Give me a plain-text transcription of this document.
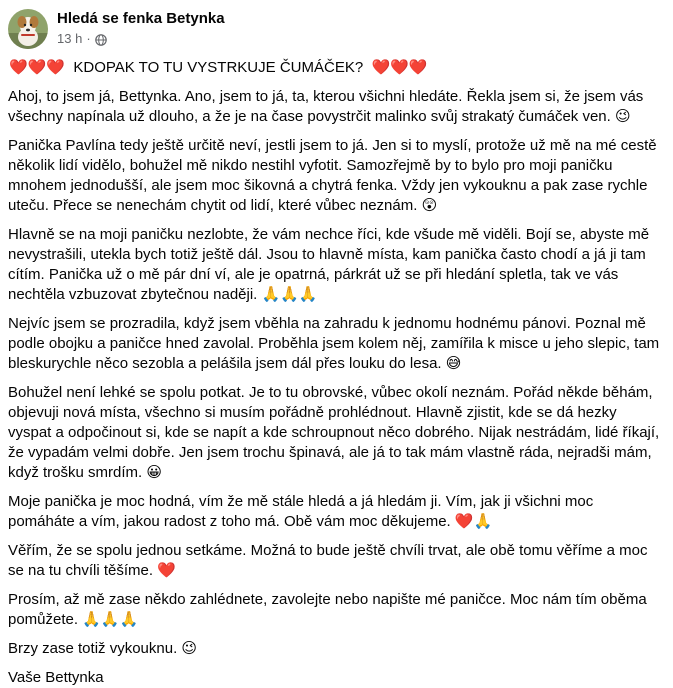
Hledá se fenka Betynka
13 h ·

❤️❤️❤️ KDOPAK TO TU VYSTRKUJE ČUMÁČEK? ❤️❤️❤️

Ahoj, to jsem já, Bettynka. Ano, jsem to já, ta, kterou všichni hledáte. Řekla jsem si, že jsem vás všechny napínala už dlouho, a že je na čase povystrčit malinko svůj strakatý čumáček ven. 😉

Panička Pavlína tedy ještě určitě neví, jestli jsem to já. Jen si to myslí, protože už mě na mé cestě několik lidí vidělo, bohužel mě nikdo nestihl vyfotit. Samozřejmě by to bylo pro moji paničku mnohem jednodušší, ale jsem moc šikovná a chytrá fenka. Vždy jen vykouknu a pak zase rychle uteču. Přece se nenechám chytit od lidí, které vůbec neznám. 😲

Hlavně se na moji paničku nezlobte, že vám nechce říci, kde všude mě viděli. Bojí se, abyste mě nevystrašili, utekla bych totiž ještě dál. Jsou to hlavně místa, kam panička často chodí a já ji tam cítím. Panička už o mě pár dní ví, ale je opatrná, párkrát už se při hledání spletla, tak ve vás nechtěla vzbuzovat zbytečnou naději. 🙏🙏🙏

Nejvíc jsem se prozradila, když jsem vběhla na zahradu k jednomu hodnému pánovi. Poznal mě podle obojku a paničce hned zavolal. Proběhla jsem kolem něj, zamířila k misce u jeho slepic, tam bleskurychle něco sezobla a pelášila jsem dál přes louku do lesa. 😅

Bohužel není lehké se spolu potkat. Je to tu obrovské, vůbec okolí neznám. Pořád někde běhám, objevuji nová místa, všechno si musím pořádně prohlédnout. Hlavně zjistit, kde se dá hezky vyspat a odpočinout si, kde se napít a kde schroupnout něco dobrého. Nijak nestrádám, lidé říkají, že vypadám velmi dobře. Jen jsem trochu špinavá, ale já to tak mám vlastně ráda, nejradši mám, když trošku smrdím. 😀

Moje panička je moc hodná, vím že mě stále hledá a já hledám ji. Vím, jak ji všichni moc pomáháte a vím, jakou radost z toho má. Obě vám moc děkujeme. ❤️🙏

Věřím, že se spolu jednou setkáme. Možná to bude ještě chvíli trvat, ale obě tomu věříme a moc se na tu chvíli těšíme. ❤️

Prosím, až mě zase někdo zahlédnete, zavolejte nebo napište mé paničce. Moc nám tím oběma pomůžete. 🙏🙏🙏

Brzy zase totiž vykouknu. 😉

Vaše Bettynka
